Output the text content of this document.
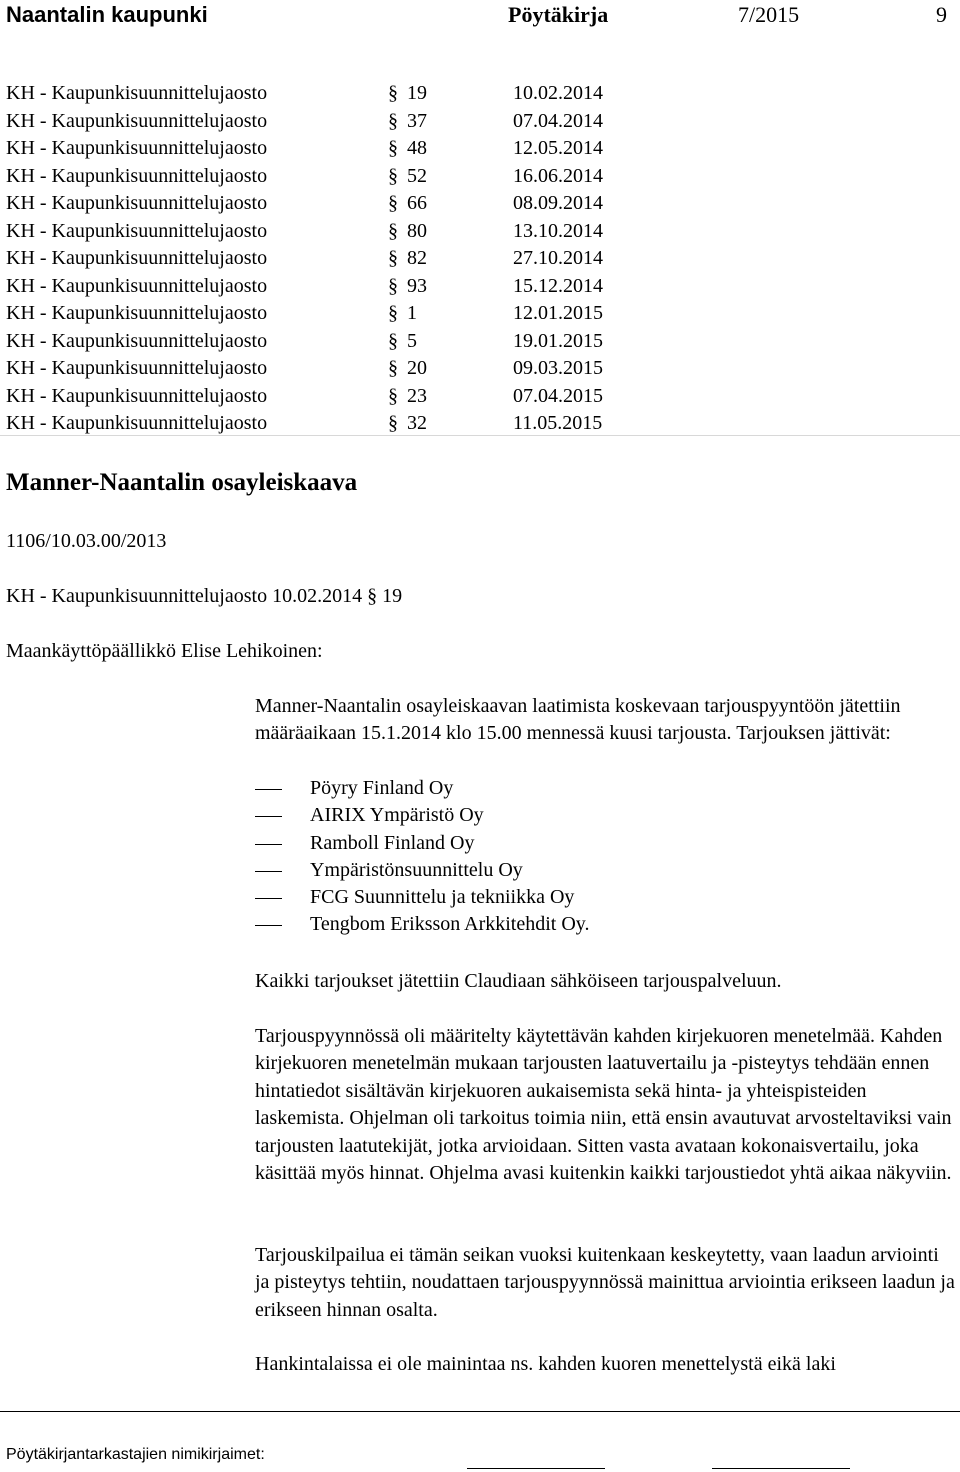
Naantalin kaupunki	Pöytäkirja	7/2015	9
KH - Kaupunkisuunnittelujaosto	§ 19	10.02.2014
KH - Kaupunkisuunnittelujaosto	§ 37	07.04.2014
KH - Kaupunkisuunnittelujaosto	§ 48	12.05.2014
KH - Kaupunkisuunnittelujaosto	§ 52	16.06.2014
KH - Kaupunkisuunnittelujaosto	§ 66	08.09.2014
KH - Kaupunkisuunnittelujaosto	§ 80	13.10.2014
KH - Kaupunkisuunnittelujaosto	§ 82	27.10.2014
KH - Kaupunkisuunnittelujaosto	§ 93	15.12.2014
KH - Kaupunkisuunnittelujaosto	§ 1	12.01.2015
KH - Kaupunkisuunnittelujaosto	§ 5	19.01.2015
KH - Kaupunkisuunnittelujaosto	§ 20	09.03.2015
KH - Kaupunkisuunnittelujaosto	§ 23	07.04.2015
KH - Kaupunkisuunnittelujaosto	§ 32	11.05.2015
Manner-Naantalin osayleiskaava
1106/10.03.00/2013
KH - Kaupunkisuunnittelujaosto 10.02.2014 § 19
Maankäyttöpäällikkö Elise Lehikoinen:

Manner-Naantalin osayleiskaavan laatimista koskevaan tarjouspyyntöön jätettiin määräaikaan 15.1.2014 klo 15.00 mennessä kuusi tarjousta. Tarjouksen jättivät:

Pöyry Finland Oy
AIRIX Ympäristö Oy
Ramboll Finland Oy
Ympäristönsuunnittelu Oy
FCG Suunnittelu ja tekniikka Oy
Tengbom Eriksson Arkkitehdit Oy.

Kaikki tarjoukset jätettiin Claudiaan sähköiseen tarjouspalveluun.

Tarjouspyynnössä oli määritelty käytettävän kahden kirjekuoren menetelmää. Kahden kirjekuoren menetelmän mukaan tarjousten laatuvertailu ja -pisteytys tehdään ennen hintatiedot sisältävän kirjekuoren aukaisemista sekä hinta- ja yhteispisteiden laskemista. Ohjelman oli tarkoitus toimia niin, että ensin avautuvat arvosteltaviksi vain tarjousten laatutekijät, jotka arvioidaan. Sitten vasta avataan kokonaisvertailu, joka käsittää myös hinnat. Ohjelma avasi kuitenkin kaikki tarjoustiedot yhtä aikaa näkyviin.

Tarjouskilpailua ei tämän seikan vuoksi kuitenkaan keskeytetty, vaan laadun arviointi ja pisteytys tehtiin, noudattaen tarjouspyynnössä mainittua arviointia erikseen laadun ja erikseen hinnan osalta.

Hankintalaissa ei ole mainintaa ns. kahden kuoren menettelystä eikä laki

Pöytäkirjantarkastajien nimikirjaimet:
